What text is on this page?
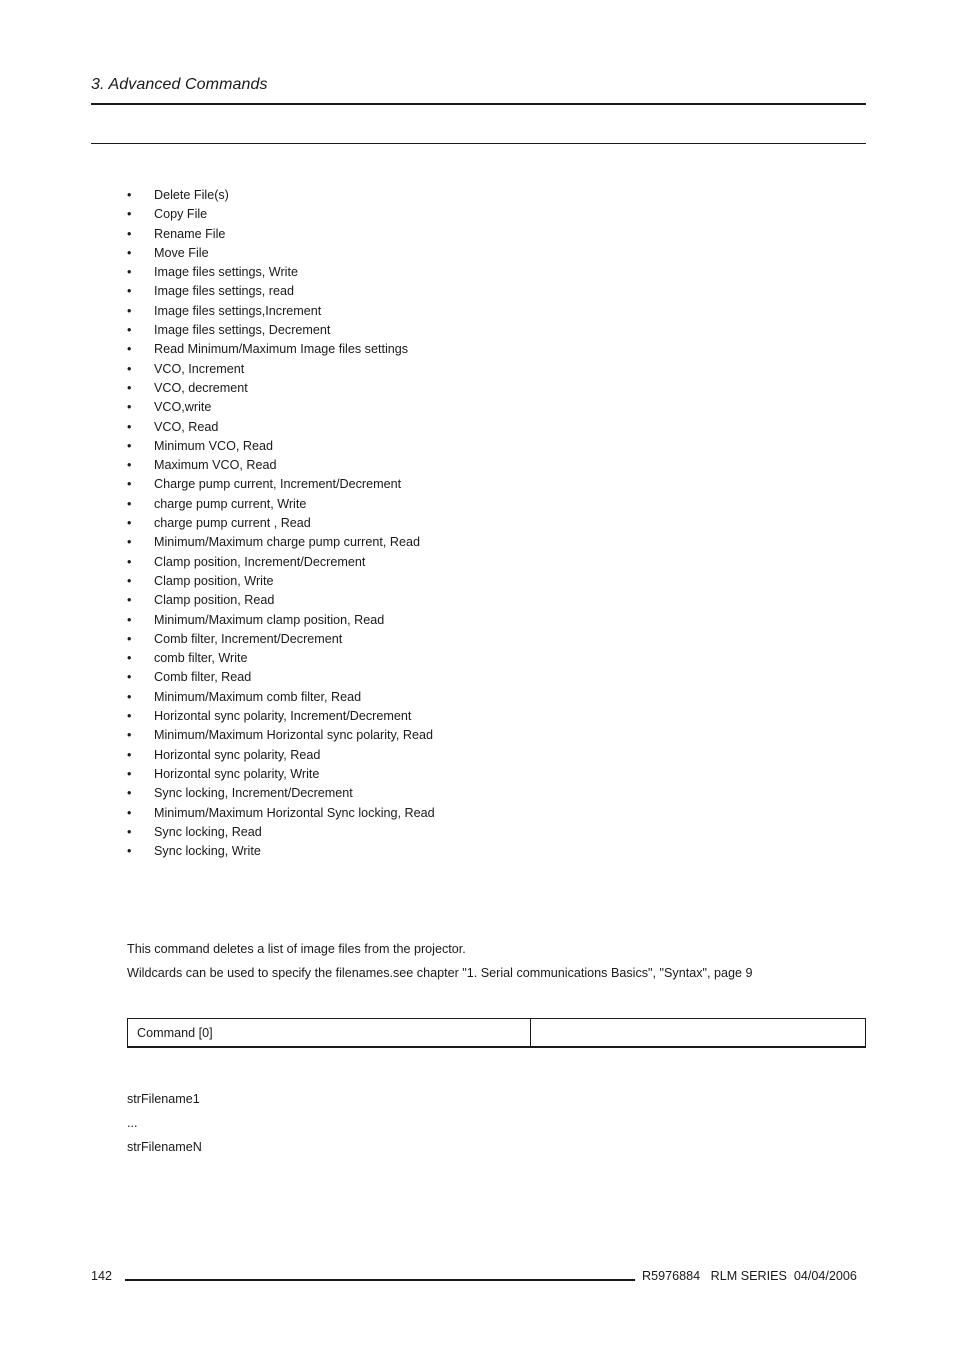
3. Advanced Commands
•	Delete File(s)
•	Copy File
•	Rename File
•	Move File
•	Image files settings, Write
•	Image files settings, read
•	Image files settings,Increment
•	Image files settings, Decrement
•	Read Minimum/Maximum Image files settings
•	VCO, Increment
•	VCO, decrement
•	VCO,write
•	VCO, Read
•	Minimum VCO, Read
•	Maximum VCO, Read
•	Charge pump current, Increment/Decrement
•	charge pump current, Write
•	charge pump current , Read
•	Minimum/Maximum charge pump current, Read
•	Clamp position, Increment/Decrement
•	Clamp position, Write
•	Clamp position, Read
•	Minimum/Maximum clamp position, Read
•	Comb filter, Increment/Decrement
•	comb filter, Write
•	Comb filter, Read
•	Minimum/Maximum comb filter, Read
•	Horizontal sync polarity, Increment/Decrement
•	Minimum/Maximum Horizontal sync polarity, Read
•	Horizontal sync polarity, Read
•	Horizontal sync polarity, Write
•	Sync locking, Increment/Decrement
•	Minimum/Maximum Horizontal Sync locking, Read
•	Sync locking, Read
•	Sync locking, Write
This command deletes a list of image files from the projector.
Wildcards can be used to specify the filenames.see chapter "1. Serial communications Basics", "Syntax", page 9
Command [0]
strFilename1
...
strFilenameN
142	R5976884   RLM SERIES  04/04/2006
